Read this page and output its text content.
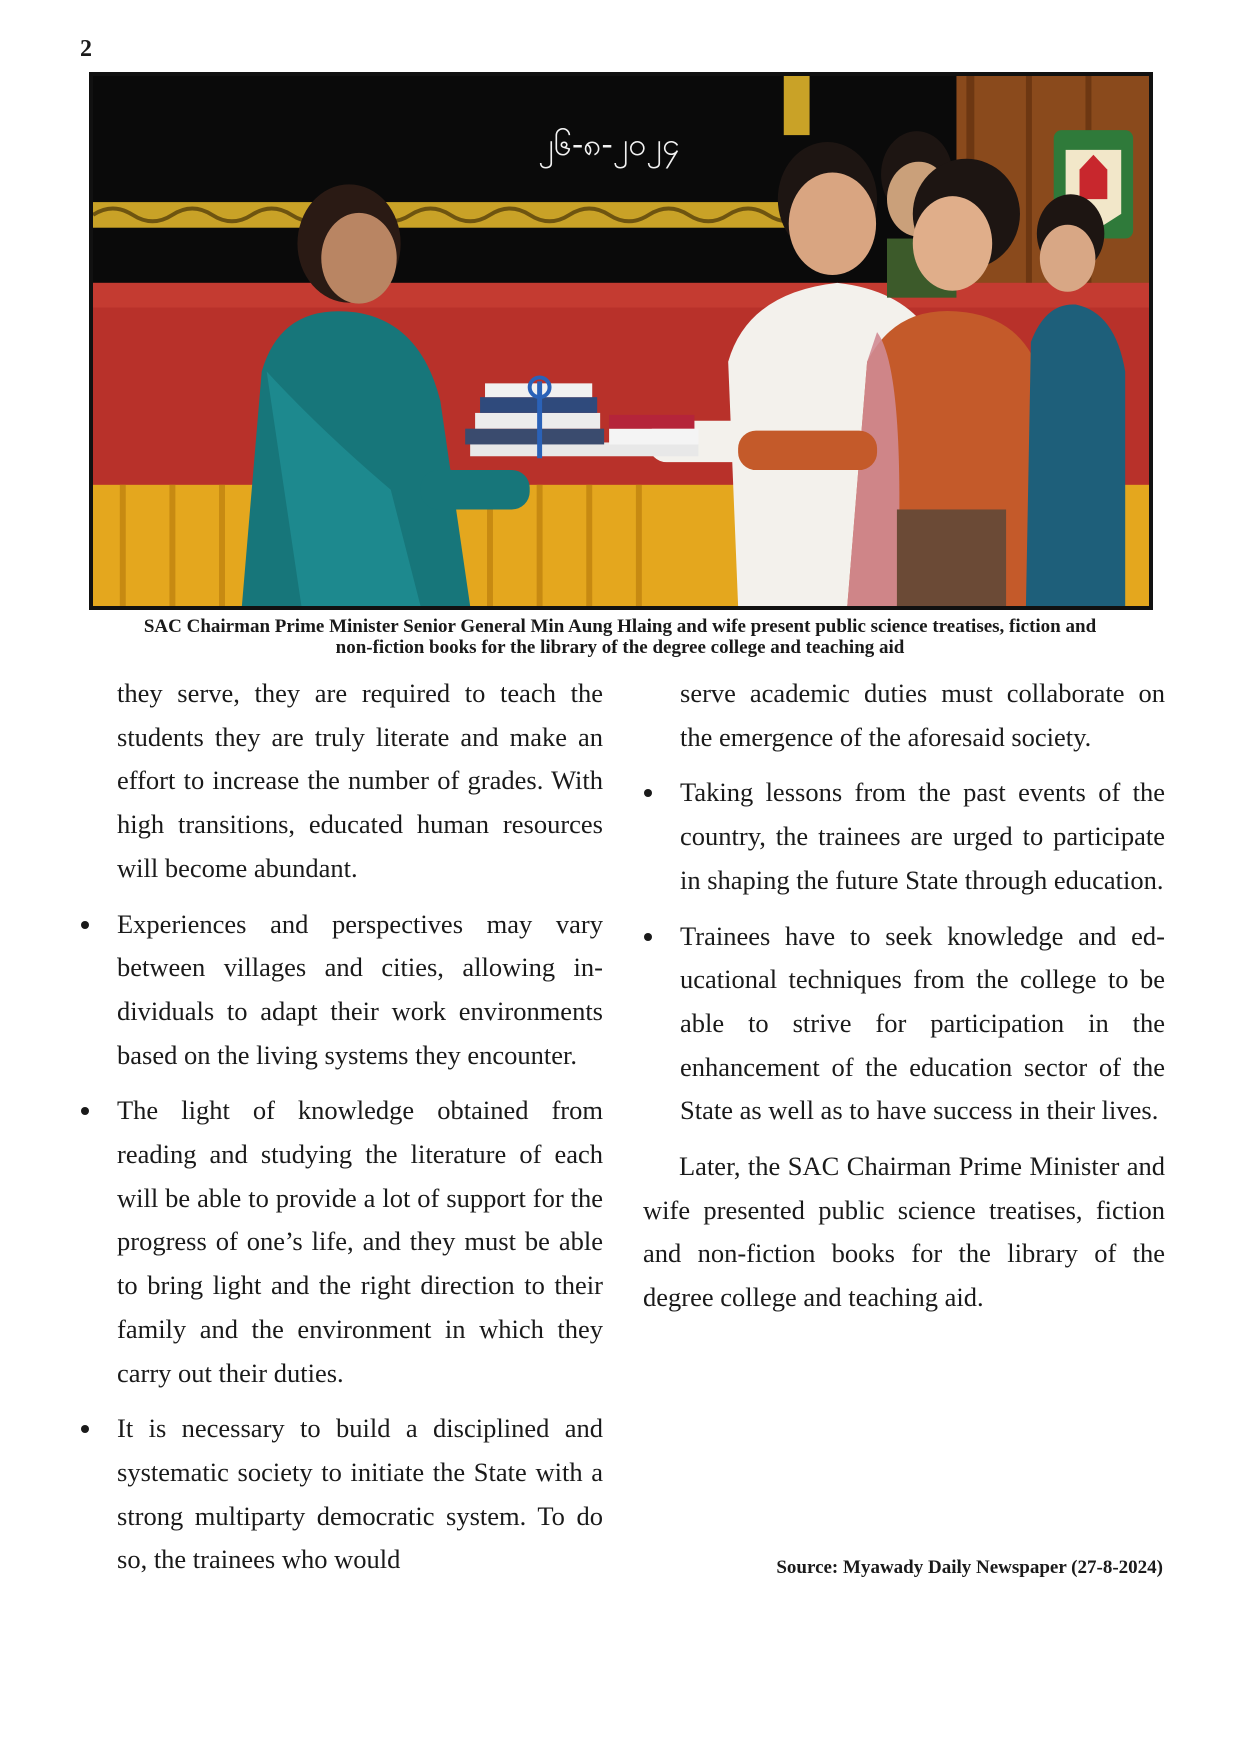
2
၂၆-၈-၂၀၂၄
SAC Chairman Prime Minister Senior General Min Aung Hlaing and wife present public science treatises, fiction and
non-fiction books for the library of the degree college and teaching aid

they serve, they are required to teach the students they are truly literate and make an effort to increase the number of grades. With high transitions, educated human resources will become abundant.

Experiences and perspectives may vary between villages and cities, allowing individuals to adapt their work environments based on the living systems they encounter.
The light of knowledge obtained from reading and studying the literature of each will be able to provide a lot of support for the progress of one’s life, and they must be able to bring light and the right direction to their family and the environment in which they carry out their duties.
It is necessary to build a disciplined and systematic society to initiate the State with a strong multiparty democratic system. To do so, the trainees who would

serve academic duties must collaborate on the emergence of the aforesaid society.

Taking lessons from the past events of the country, the trainees are urged to participate in shaping the future State through education.
Trainees have to seek knowledge and educational techniques from the college to be able to strive for participation in the enhancement of the education sector of the State as well as to have success in their lives.

Later, the SAC Chairman Prime Minister and wife presented public science treatises, fiction and non-fiction books for the library of the degree college and teaching aid.

Source: Myawady Daily Newspaper (27-8-2024)
